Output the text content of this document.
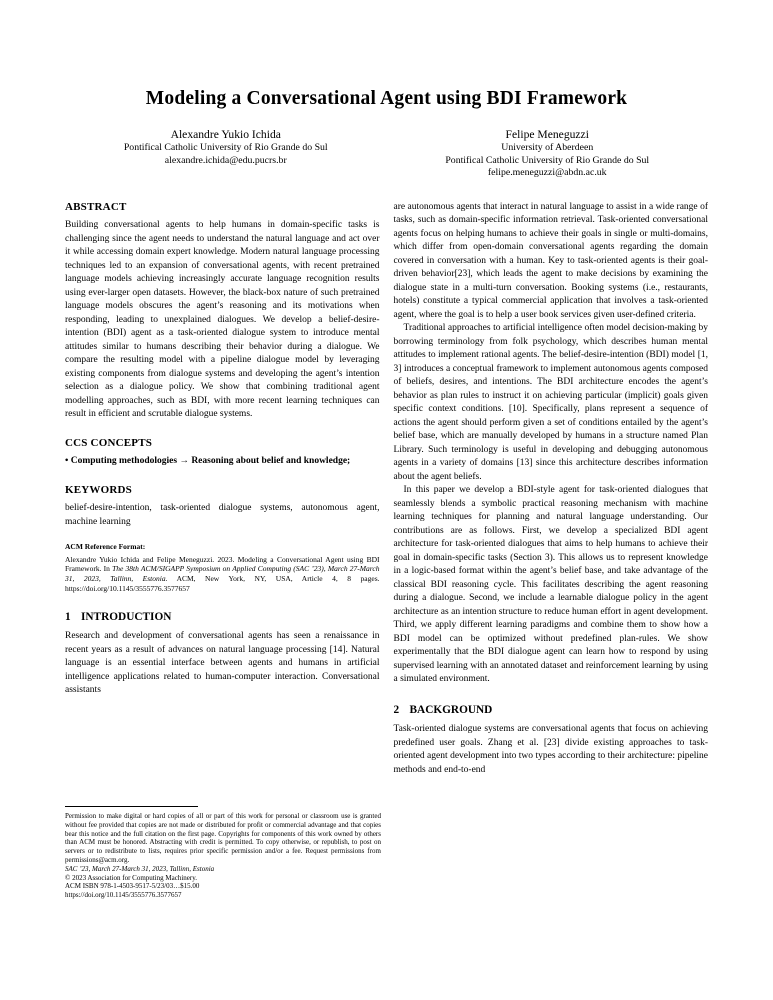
Modeling a Conversational Agent using BDI Framework
Alexandre Yukio Ichida
Pontifical Catholic University of Rio Grande do Sul
alexandre.ichida@edu.pucrs.br
Felipe Meneguzzi
University of Aberdeen
Pontifical Catholic University of Rio Grande do Sul
felipe.meneguzzi@abdn.ac.uk
ABSTRACT

Building conversational agents to help humans in domain-specific tasks is challenging since the agent needs to understand the natural language and act over it while accessing domain expert knowledge. Modern natural language processing techniques led to an expansion of conversational agents, with recent pretrained language models achieving increasingly accurate language recognition results using ever-larger open datasets. However, the black-box nature of such pretrained language models obscures the agent’s reasoning and its motivations when responding, leading to unexplained dialogues. We develop a belief-desire-intention (BDI) agent as a task-oriented dialogue system to introduce mental attitudes similar to humans describing their behavior during a dialogue. We compare the resulting model with a pipeline dialogue model by leveraging existing components from dialogue systems and developing the agent’s intention selection as a dialogue policy. We show that combining traditional agent modelling approaches, such as BDI, with more recent learning techniques can result in efficient and scrutable dialogue systems.

CCS CONCEPTS

• Computing methodologies → Reasoning about belief and knowledge;

KEYWORDS

belief-desire-intention, task-oriented dialogue systems, autonomous agent, machine learning

ACM Reference Format:

Alexandre Yukio Ichida and Felipe Meneguzzi. 2023. Modeling a Conversational Agent using BDI Framework. In The 38th ACM/SIGAPP Symposium on Applied Computing (SAC ’23), March 27-March 31, 2023, Tallinn, Estonia. ACM, New York, NY, USA, Article 4, 8 pages. https://doi.org/10.1145/3555776.3577657

1 INTRODUCTION

Research and development of conversational agents has seen a renaissance in recent years as a result of advances on natural language processing [14]. Natural language is an essential interface between agents and humans in artificial intelligence applications related to human-computer interaction. Conversational assistants

are autonomous agents that interact in natural language to assist in a wide range of tasks, such as domain-specific information retrieval. Task-oriented conversational agents focus on helping humans to achieve their goals in single or multi-domains, which differ from open-domain conversational agents regarding the domain covered in conversation with a human. Key to task-oriented agents is their goal-driven behavior[23], which leads the agent to make decisions by examining the dialogue state in a multi-turn conversation. Booking systems (i.e., restaurants, hotels) constitute a typical commercial application that involves a task-oriented agent, where the goal is to help a user book services given user-defined criteria.

Traditional approaches to artificial intelligence often model decision-making by borrowing terminology from folk psychology, which describes human mental attitudes to implement rational agents. The belief-desire-intention (BDI) model [1, 3] introduces a conceptual framework to implement autonomous agents composed of beliefs, desires, and intentions. The BDI architecture encodes the agent’s behavior as plan rules to instruct it on achieving particular (implicit) goals given specific context conditions. [10]. Specifically, plans represent a sequence of actions the agent should perform given a set of conditions entailed by the agent’s belief base, which are manually developed by humans in a structure named Plan Library. Such terminology is useful in developing and debugging autonomous agents in a variety of domains [13] since this architecture describes information about the agent beliefs.

In this paper we develop a BDI-style agent for task-oriented dialogues that seamlessly blends a symbolic practical reasoning mechanism with machine learning techniques for planning and natural language understanding. Our contributions are as follows. First, we develop a specialized BDI agent architecture for task-oriented dialogues that aims to help humans to achieve their goal in domain-specific tasks (Section 3). This allows us to represent knowledge in a logic-based format within the agent’s belief base, and take advantage of the classical BDI reasoning cycle. This facilitates describing the agent reasoning during a dialogue. Second, we include a learnable dialogue policy in the agent architecture as an intention structure to reduce human effort in agent development. Third, we apply different learning paradigms and combine them to show how a BDI model can be optimized without predefined plan-rules. We show experimentally that the BDI dialogue agent can learn how to respond by using supervised learning with an annotated dataset and reinforcement learning by using a simulated environment.

2 BACKGROUND

Task-oriented dialogue systems are conversational agents that focus on achieving predefined user goals. Zhang et al. [23] divide existing approaches to task-oriented agent development into two types according to their architecture: pipeline methods and end-to-end

Permission to make digital or hard copies of all or part of this work for personal or classroom use is granted without fee provided that copies are not made or distributed for profit or commercial advantage and that copies bear this notice and the full citation on the first page. Copyrights for components of this work owned by others than ACM must be honored. Abstracting with credit is permitted. To copy otherwise, or republish, to post on servers or to redistribute to lists, requires prior specific permission and/or a fee. Request permissions from permissions@acm.org.

SAC ’23, March 27-March 31, 2023, Tallinn, Estonia

© 2023 Association for Computing Machinery.

ACM ISBN 978-1-4503-9517-5/23/03…$15.00

https://doi.org/10.1145/3555776.3577657
